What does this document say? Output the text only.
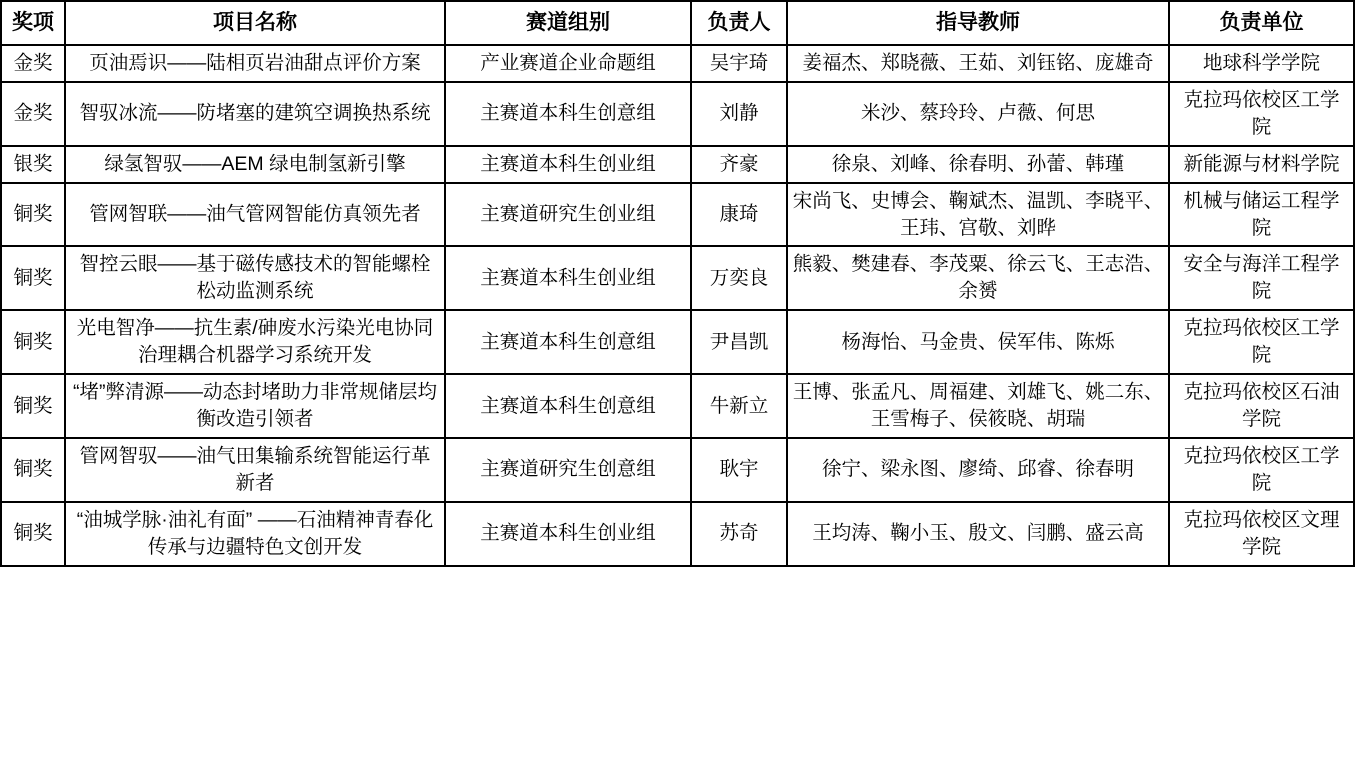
奖项	项目名称	赛道组别	负责人	指导教师	负责单位
金奖	页油焉识——陆相页岩油甜点评价方案	产业赛道企业命题组	吴宇琦	姜福杰、郑晓薇、王茹、刘钰铭、庞雄奇	地球科学学院
金奖	智驭冰流——防堵塞的建筑空调换热系统	主赛道本科生创意组	刘静	米沙、蔡玲玲、卢薇、何思	克拉玛依校区工学院
银奖	绿氢智驭——AEM 绿电制氢新引擎	主赛道本科生创业组	齐豪	徐泉、刘峰、徐春明、孙蕾、韩瑾	新能源与材料学院
铜奖	管网智联——油气管网智能仿真领先者	主赛道研究生创业组	康琦	宋尚飞、史博会、鞠斌杰、温凯、李晓平、王玮、宫敬、刘晔	机械与储运工程学院
铜奖	智控云眼——基于磁传感技术的智能螺栓松动监测系统	主赛道本科生创业组	万奕良	熊毅、樊建春、李茂粟、徐云飞、王志浩、余赟	安全与海洋工程学院
铜奖	光电智净——抗生素/砷废水污染光电协同治理耦合机器学习系统开发	主赛道本科生创意组	尹昌凯	杨海怡、马金贵、侯军伟、陈烁	克拉玛依校区工学院
铜奖	“堵”弊清源——动态封堵助力非常规储层均衡改造引领者	主赛道本科生创意组	牛新立	王博、张孟凡、周福建、刘雄飞、姚二东、王雪梅子、侯筱晓、胡瑞	克拉玛依校区石油学院
铜奖	管网智驭——油气田集输系统智能运行革新者	主赛道研究生创意组	耿宇	徐宁、梁永图、廖绮、邱睿、徐春明	克拉玛依校区工学院
铜奖	“油城学脉·油礼有面” ——石油精神青春化传承与边疆特色文创开发	主赛道本科生创业组	苏奇	王均涛、鞠小玉、殷文、闫鹏、盛云高	克拉玛依校区文理学院
